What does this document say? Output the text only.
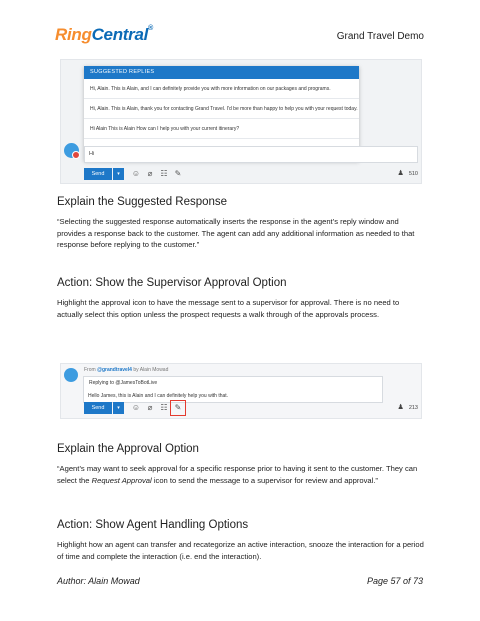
RingCentral®
Grand Travel Demo
SUGGESTED REPLIES
Hi, Alain. This is Alain, and I can definitely provide you with more information on our packages and programs.
Hi, Alain. This is Alain, thank you for contacting Grand Travel. I'd be more than happy to help you with your request today.
Hi Alain This is Alain How can I help you with your current itinerary?
Hi
Send	▾	☺ ⌀	☷ ✎	♟ 510
Explain the Suggested Response
“Selecting the suggested response automatically inserts the response in the agent’s reply window and provides a response back to the customer. The agent can add any additional information as needed to that response before replying to the customer.”
Action: Show the Supervisor Approval Option
Highlight the approval icon to have the message sent to a supervisor for approval. There is no need to actually select this option unless the prospect requests a walk through of the approvals process.
From @grandtravel4 by Alain Mowad
Replying to @JamesToBotLive
Hello James, this is Alain and I can definitely help you with that.
Send	▾	☺ ⌀	☷ ✎	♟ 213
Explain the Approval Option
“Agent’s may want to seek approval for a specific response prior to having it sent to the customer. They can select the Request Approval icon to send the message to a supervisor for review and approval.”
Action: Show Agent Handling Options
Highlight how an agent can transfer and recategorize an active interaction, snooze the interaction for a period of time and complete the interaction (i.e. end the interaction).
Author: Alain Mowad	Page 57 of 73
